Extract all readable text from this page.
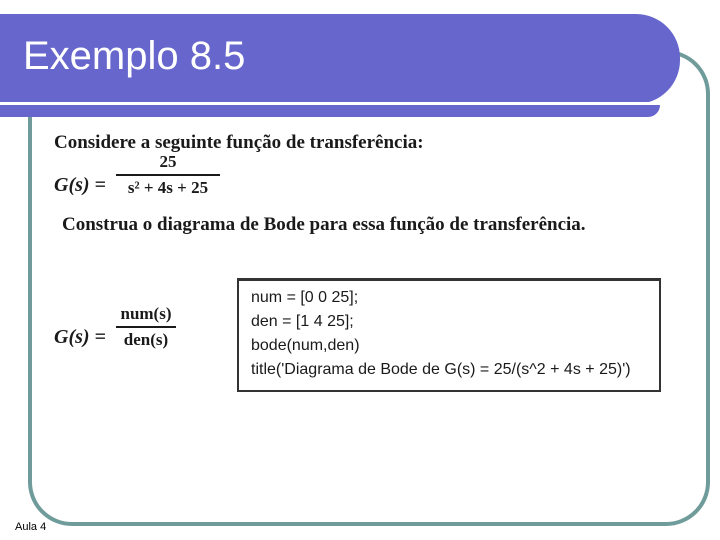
Exemplo 8.5
Considere a seguinte função de transferência:
G(s) =
25
s² + 4s + 25
Construa o diagrama de Bode para essa função de transferência.
G(s) =
num(s)
den(s)
num = [0 0 25];
den = [1 4 25];
bode(num,den)
title('Diagrama de Bode de G(s) = 25/(s^2 + 4s + 25)')
Aula 4
